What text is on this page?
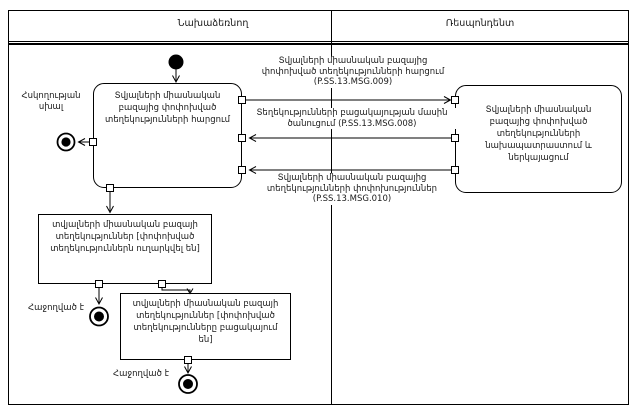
Նախաձեռնող	Ռեսպոնդենտ
Տվյալների միասնական բազայից փոփոխված տեղեկությունների հարցում
Տվյալների միասնական բազայից փոփոխված տեղեկությունների նախապատրաստում և ներկայացում
տվյալների միասնական բազայի տեղեկություններ [փոփոխված տեղեկություններն ուղարկվել են]
տվյալների միասնական բազայի տեղեկություններ [փոփոխված տեղեկությունները բացակայում են]
Տվյալների միասնական բազայից փոփոխված տեղեկությունների հարցում (P.SS.13.MSG.009)
Տեղեկությունների բացակայության մասին ծանուցում (P.SS.13.MSG.008)
Տվյալների միասնական բազայից տեղեկությունների փոփոխություններ (P.SS.13.MSG.010)
Հսկողության սխալ
Հաջողված է
Հաջողված է
